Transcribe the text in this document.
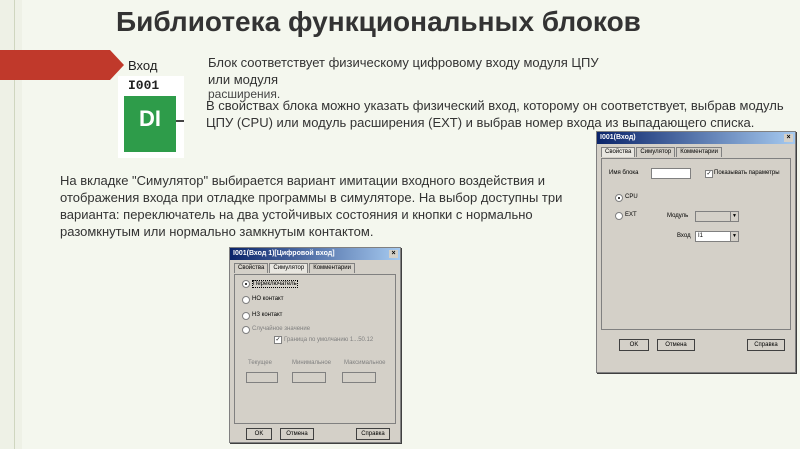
Библиотека функциональных блоков
Вход
I001
DI
Блок соответствует физическому цифровому входу модуля ЦПУ
или модуля
расширения.
В свойствах блока можно указать физический вход, которому он соответствует, выбрав модуль ЦПУ (CPU) или модуль расширения (EXT) и выбрав номер входа из выпадающего списка.
I001(Вход)	×
Свойства Симулятор Комментарии
Имя блока	✓ Показывать параметры
CPU
EXT	Модуль	▼
Вход	I1	▼
OK	Отмена	Справка
На вкладке "Симулятор" выбирается вариант имитации входного воздействия и отображения входа при отладке программы в симуляторе. На выбор доступны три варианта: переключатель на два устойчивых состояния и кнопки с нормально разомкнутым или нормально замкнутым контактом.
I001(Вход 1)[Цифровой вход]	×
Свойства Симулятор Комментарии
Переключатель
НО контакт
НЗ контакт
Случайное значение
✓ Граница по умолчанию 1...50.12
Текущее	Минимальное Максимальное
OK	Отмена	Справка
